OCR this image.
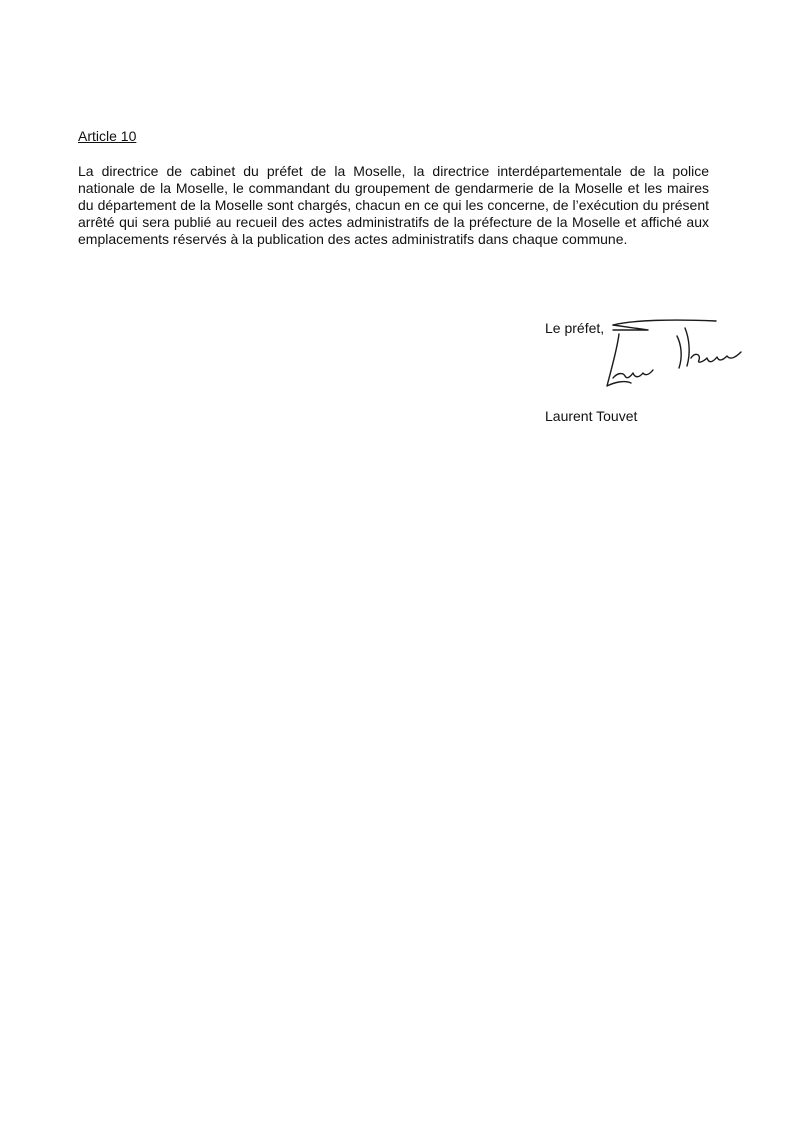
Article 10

La directrice de cabinet du préfet de la Moselle, la directrice interdépartementale de la police nationale de la Moselle, le commandant du groupement de gendarmerie de la Moselle et les maires du département de la Moselle sont chargés, chacun en ce qui les concerne, de l’exécution du présent arrêté qui sera publié au recueil des actes administratifs de la préfecture de la Moselle et affiché aux emplacements réservés à la publication des actes administratifs dans chaque commune.

Le préfet,
Laurent Touvet
